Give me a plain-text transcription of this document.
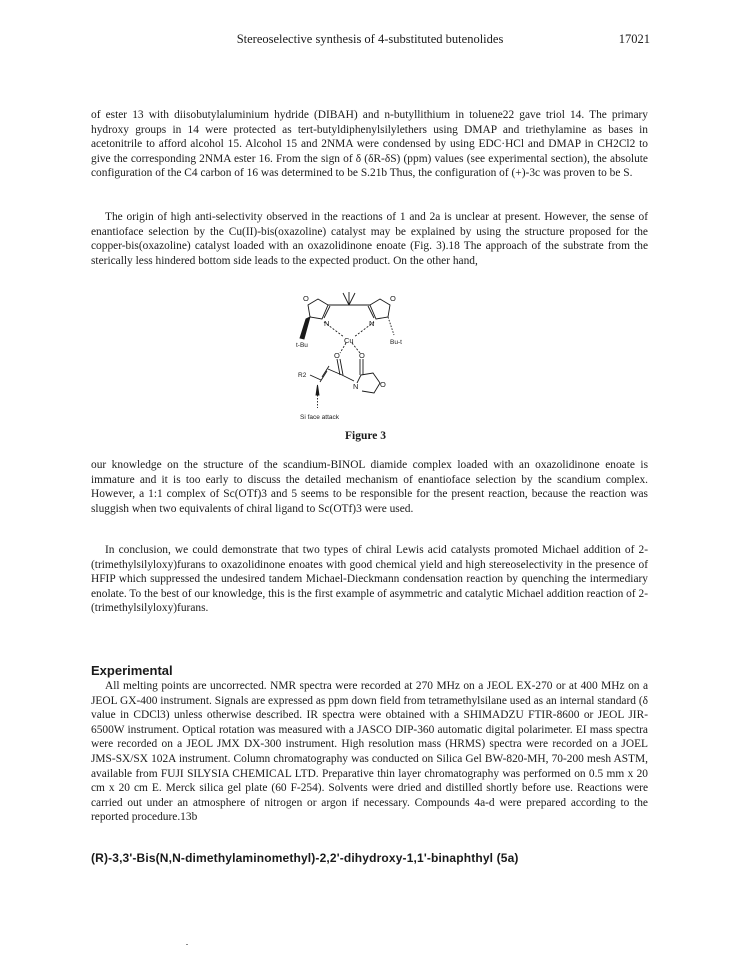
Stereoselective synthesis of 4-substituted butenolides	17021
of ester 13 with diisobutylaluminium hydride (DIBAH) and n-butyllithium in toluene22 gave triol 14. The primary hydroxy groups in 14 were protected as tert-butyldiphenylsilylethers using DMAP and triethylamine as bases in acetonitrile to afford alcohol 15. Alcohol 15 and 2NMA were condensed by using EDC·HCl and DMAP in CH2Cl2 to give the corresponding 2NMA ester 16. From the sign of δ (δR-δS) (ppm) values (see experimental section), the absolute configuration of the C4 carbon of 16 was determined to be S.21b Thus, the configuration of (+)-3c was proven to be S.
The origin of high anti-selectivity observed in the reactions of 1 and 2a is unclear at present. However, the sense of enantioface selection by the Cu(II)-bis(oxazoline) catalyst may be explained by using the structure proposed for the copper-bis(oxazoline) catalyst loaded with an oxazolidinone enoate (Fig. 3).18 The approach of the substrate from the sterically less hindered bottom side leads to the expected product. On the other hand,
O	O
N	N
Cu
t-Bu	Bu-t
O	O
R2
N	O
Si face attack
Figure 3
our knowledge on the structure of the scandium-BINOL diamide complex loaded with an oxazolidinone enoate is immature and it is too early to discuss the detailed mechanism of enantioface selection by the scandium complex. However, a 1:1 complex of Sc(OTf)3 and 5 seems to be responsible for the present reaction, because the reaction was sluggish when two equivalents of chiral ligand to Sc(OTf)3 were used.
In conclusion, we could demonstrate that two types of chiral Lewis acid catalysts promoted Michael addition of 2-(trimethylsilyloxy)furans to oxazolidinone enoates with good chemical yield and high stereoselectivity in the presence of HFIP which suppressed the undesired tandem Michael-Dieckmann condensation reaction by quenching the intermediary enolate. To the best of our knowledge, this is the first example of asymmetric and catalytic Michael addition reaction of 2-(trimethylsilyloxy)furans.
Experimental
All melting points are uncorrected. NMR spectra were recorded at 270 MHz on a JEOL EX-270 or at 400 MHz on a JEOL GX-400 instrument. Signals are expressed as ppm down field from tetramethylsilane used as an internal standard (δ value in CDCl3) unless otherwise described. IR spectra were obtained with a SHIMADZU FTIR-8600 or JEOL JIR-6500W instrument. Optical rotation was measured with a JASCO DIP-360 automatic digital polarimeter. EI mass spectra were recorded on a JEOL JMX DX-300 instrument. High resolution mass (HRMS) spectra were recorded on a JOEL JMS-SX/SX 102A instrument. Column chromatography was conducted on Silica Gel BW-820-MH, 70-200 mesh ASTM, available from FUJI SILYSIA CHEMICAL LTD. Preparative thin layer chromatography was performed on 0.5 mm x 20 cm x 20 cm E. Merck silica gel plate (60 F-254). Solvents were dried and distilled shortly before use. Reactions were carried out under an atmosphere of nitrogen or argon if necessary. Compounds 4a-d were prepared according to the reported procedure.13b
(R)-3,3'-Bis(N,N-dimethylaminomethyl)-2,2'-dihydroxy-1,1'-binaphthyl (5a)
